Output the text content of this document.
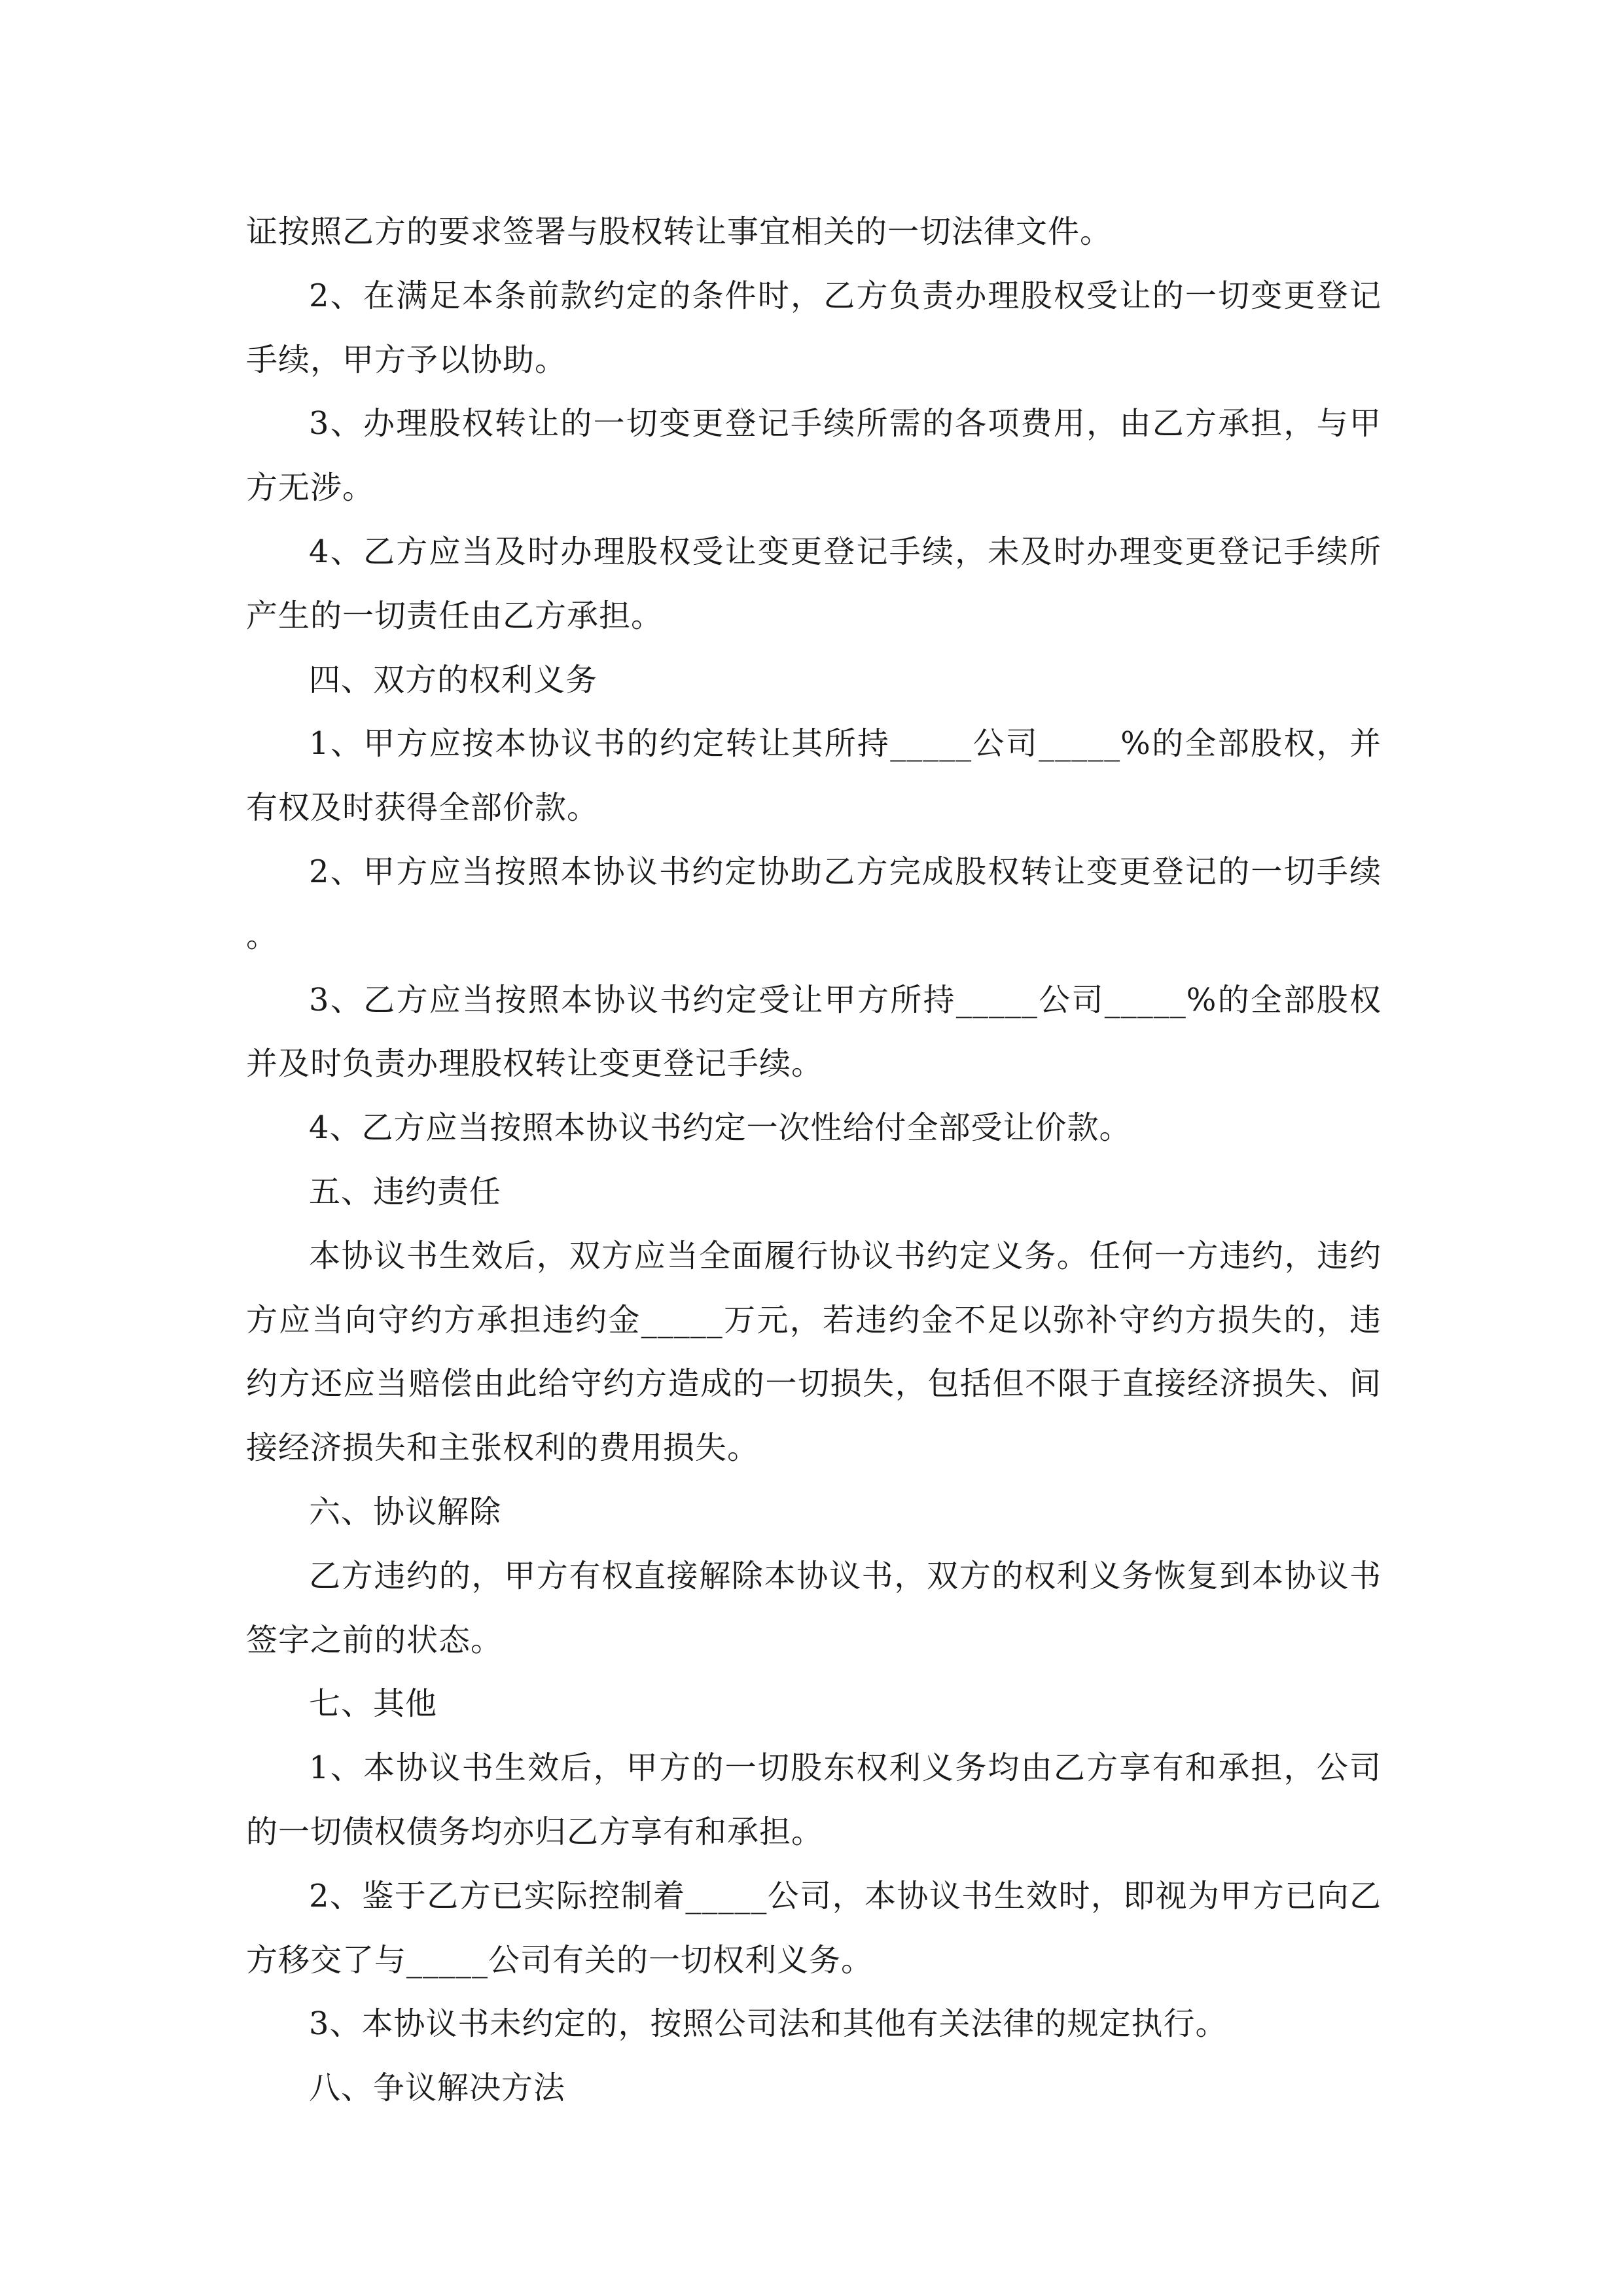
证按照乙方的要求签署与股权转让事宜相关的一切法律文件。

2、在满足本条前款约定的条件时，乙方负责办理股权受让的一切变更登记手续，甲方予以协助。

3、办理股权转让的一切变更登记手续所需的各项费用，由乙方承担，与甲方无涉。

4、乙方应当及时办理股权受让变更登记手续，未及时办理变更登记手续所产生的一切责任由乙方承担。

四、双方的权利义务

1、甲方应按本协议书的约定转让其所持_____公司_____%的全部股权，并有权及时获得全部价款。

2、甲方应当按照本协议书约定协助乙方完成股权转让变更登记的一切手续。

3、乙方应当按照本协议书约定受让甲方所持_____公司_____%的全部股权并及时负责办理股权转让变更登记手续。

4、乙方应当按照本协议书约定一次性给付全部受让价款。

五、违约责任

本协议书生效后，双方应当全面履行协议书约定义务。任何一方违约，违约方应当向守约方承担违约金_____万元，若违约金不足以弥补守约方损失的，违约方还应当赔偿由此给守约方造成的一切损失，包括但不限于直接经济损失、间接经济损失和主张权利的费用损失。

六、协议解除

乙方违约的，甲方有权直接解除本协议书，双方的权利义务恢复到本协议书签字之前的状态。

七、其他

1、本协议书生效后，甲方的一切股东权利义务均由乙方享有和承担，公司的一切债权债务均亦归乙方享有和承担。

2、鉴于乙方已实际控制着_____公司，本协议书生效时，即视为甲方已向乙方移交了与_____公司有关的一切权利义务。

3、本协议书未约定的，按照公司法和其他有关法律的规定执行。

八、争议解决方法
